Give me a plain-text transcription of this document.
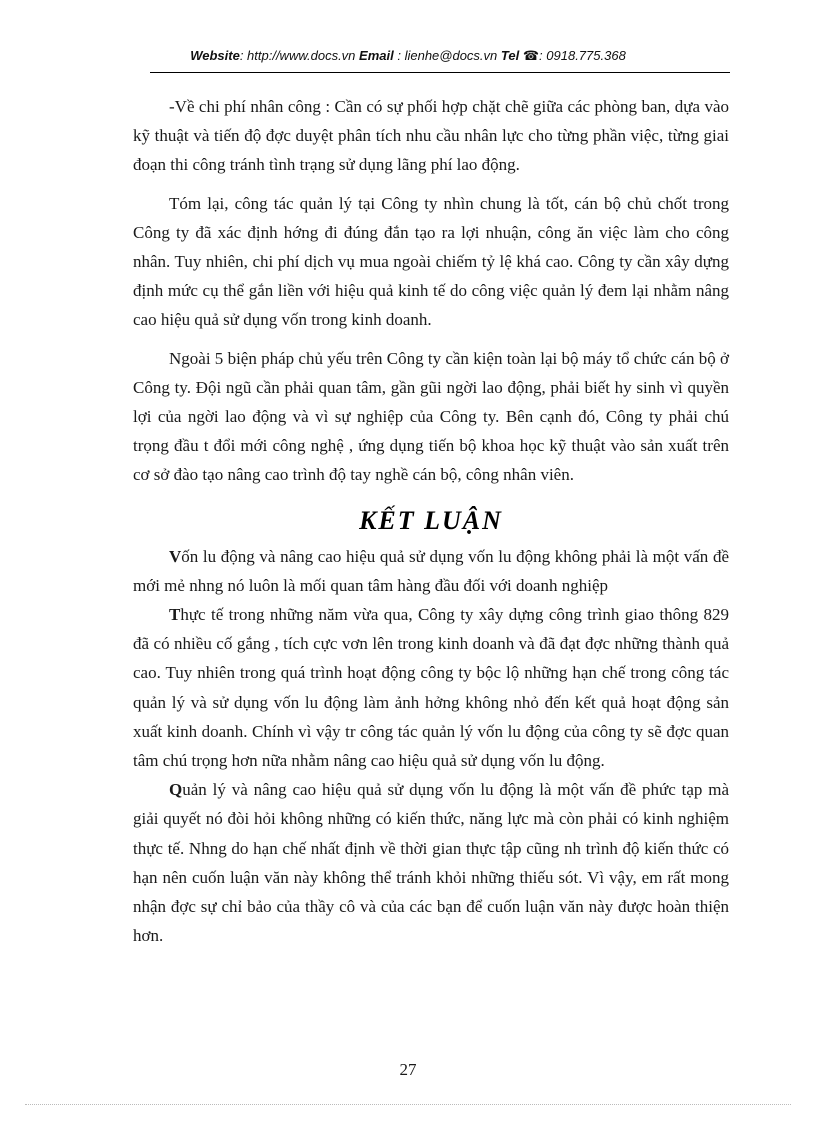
Website: http://www.docs.vn Email : lienhe@docs.vn Tel ☎: 0918.775.368

-Về chi phí nhân công : Cần có sự phối hợp chặt chẽ giữa các phòng ban, dựa vào kỹ thuật và tiến độ đợc duyệt phân tích nhu cầu nhân lực cho từng phần việc, từng giai đoạn thi công tránh tình trạng sử dụng lãng phí lao động.

Tóm lại, công tác quản lý tại Công ty nhìn chung là tốt, cán bộ chủ chốt trong Công ty đã xác định hớng đi đúng đắn tạo ra lợi nhuận, công ăn việc làm cho công nhân. Tuy nhiên, chi phí dịch vụ mua ngoài chiếm tỷ lệ khá cao. Công ty cần xây dựng định mức cụ thể gắn liền với hiệu quả kinh tế do công việc quản lý đem lại nhằm nâng cao hiệu quả sử dụng vốn trong kinh doanh.

Ngoài 5 biện pháp chủ yếu trên Công ty cần kiện toàn lại bộ máy tổ chức cán bộ ở Công ty. Đội ngũ cần phải quan tâm, gần gũi ngời lao động, phải biết hy sinh vì quyền lợi của ngời lao động và vì sự nghiệp của Công ty. Bên cạnh đó, Công ty phải chú trọng đầu t đổi mới công nghệ , ứng dụng tiến bộ khoa học kỹ thuật vào sản xuất trên cơ sở đào tạo nâng cao trình độ tay nghề cán bộ, công nhân viên.

KẾT LUẬN

Vốn lu động và nâng cao hiệu quả sử dụng vốn lu động không phải là một vấn đề mới mẻ nhng nó luôn là mối quan tâm hàng đầu đối với doanh nghiệp

Thực tế trong những năm vừa qua, Công ty xây dựng công trình giao thông 829 đã có nhiều cố gắng , tích cực vơn lên trong kinh doanh và đã đạt đợc những thành quả cao. Tuy nhiên trong quá trình hoạt động công ty bộc lộ những hạn chế trong công tác quản lý và sử dụng vốn lu động làm ảnh hởng không nhỏ đến kết quả hoạt động sản xuất kinh doanh. Chính vì vậy tr công tác quản lý vốn lu động của công ty sẽ đợc quan tâm chú trọng hơn nữa nhằm nâng cao hiệu quả sử dụng vốn lu động.

Quản lý và nâng cao hiệu quả sử dụng vốn lu động là một vấn đề phức tạp mà giải quyết nó đòi hỏi không những có kiến thức, năng lực mà còn phải có kinh nghiệm thực tế. Nhng do hạn chế nhất định về thời gian thực tập cũng nh trình độ kiến thức có hạn nên cuốn luận văn này không thể tránh khỏi những thiếu sót. Vì vậy, em rất mong nhận đợc sự chỉ bảo của thầy cô và của các bạn để cuốn luận văn này được hoàn thiện hơn.

27
